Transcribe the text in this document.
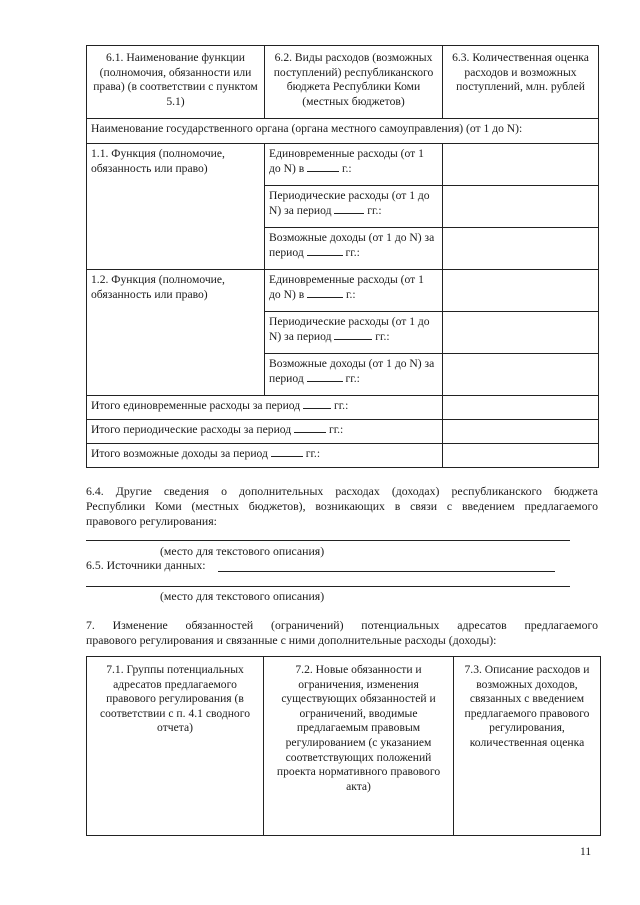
6.1. Наименование функции (полномочия, обязанности или права) (в соответствии с пунктом 5.1)	6.2. Виды расходов (возможных поступлений) республиканского бюджета Республики Коми (местных бюджетов)	6.3. Количественная оценка расходов и возможных поступлений, млн. рублей
Наименование государственного органа (органа местного самоуправления) (от 1 до N):		
1.1. Функция (полномочие, обязанность или право)	Единовременные расходы (от 1 до N) в г.:	
	Периодические расходы (от 1 до N) за период гг.:	
	Возможные доходы (от 1 до N) за период гг.:	
1.2. Функция (полномочие, обязанность или право)	Единовременные расходы (от 1 до N) в г.:	
	Периодические расходы (от 1 до N) за период гг.:	
	Возможные доходы (от 1 до N) за период гг.:	
Итого единовременные расходы за период гг.:		
Итого периодические расходы за период гг.:		
Итого возможные доходы за период гг.:		
6.4. Другие сведения о дополнительных расходах (доходах) республиканского бюджета
Республики Коми (местных бюджетов), возникающих в связи с введением предлагаемого
правового регулирования:
(место для текстового описания)
6.5. Источники данных:
(место для текстового описания)
7. Изменение обязанностей (ограничений) потенциальных адресатов предлагаемого
правового регулирования и связанные с ними дополнительные расходы (доходы):
7.1. Группы потенциальных адресатов предлагаемого правового регулирования (в соответствии с п. 4.1 сводного отчета)	7.2. Новые обязанности и ограничения, изменения существующих обязанностей и ограничений, вводимые предлагаемым правовым регулированием (с указанием соответствующих положений проекта нормативного правового акта)	7.3. Описание расходов и возможных доходов, связанных с введением предлагаемого правового регулирования, количественная оценка
11
